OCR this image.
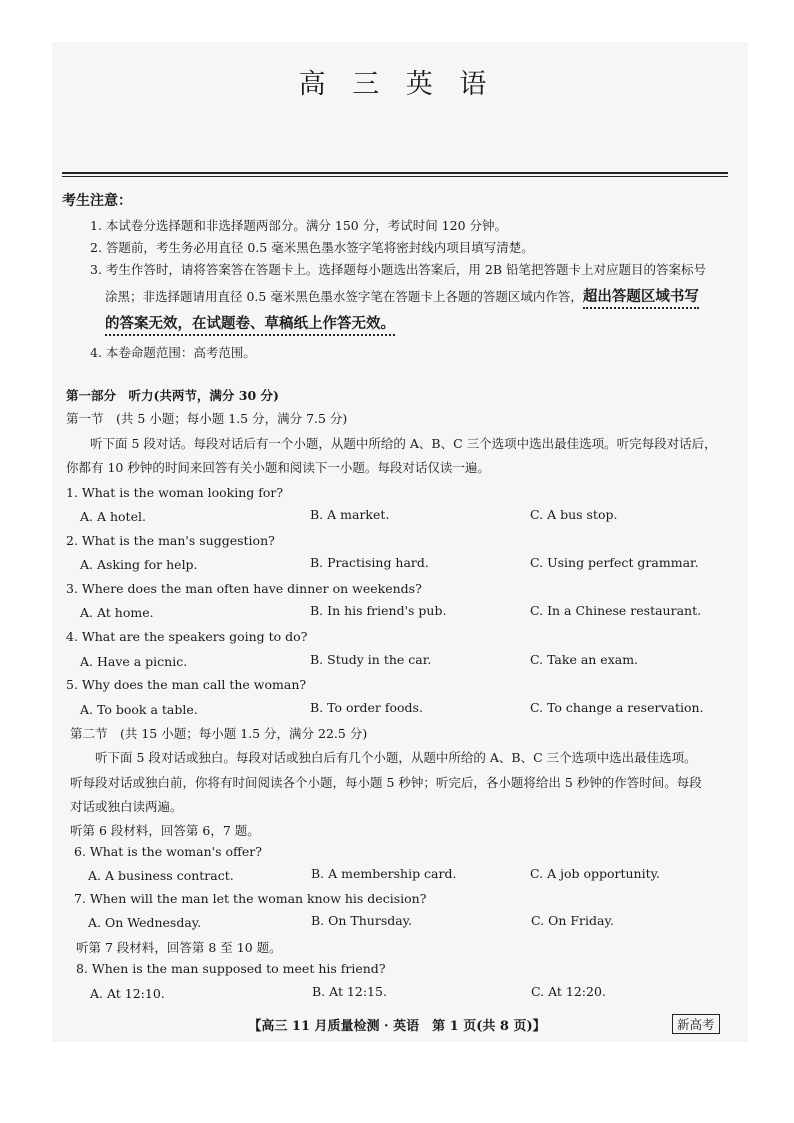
高 三 英 语
考生注意：
1. 本试卷分选择题和非选择题两部分。满分 150 分，考试时间 120 分钟。
2. 答题前，考生务必用直径 0.5 毫米黑色墨水签字笔将密封线内项目填写清楚。
3. 考生作答时，请将答案答在答题卡上。选择题每小题选出答案后，用 2B 铅笔把答题卡上对应题目的答案标号
涂黑；非选择题请用直径 0.5 毫米黑色墨水签字笔在答题卡上各题的答题区域内作答，超出答题区域书写
的答案无效，在试题卷、草稿纸上作答无效。
4. 本卷命题范围：高考范围。
第一部分　听力(共两节，满分 30 分)
第一节　(共 5 小题；每小题 1.5 分，满分 7.5 分)
听下面 5 段对话。每段对话后有一个小题，从题中所给的 A、B、C 三个选项中选出最佳选项。听完每段对话后，
你都有 10 秒钟的时间来回答有关小题和阅读下一小题。每段对话仅读一遍。
1. What is the woman looking for?
A. A hotel.	B. A market.	C. A bus stop.
2. What is the man's suggestion?
A. Asking for help.	B. Practising hard.	C. Using perfect grammar.
3. Where does the man often have dinner on weekends?
A. At home.	B. In his friend's pub.	C. In a Chinese restaurant.
4. What are the speakers going to do?
A. Have a picnic.	B. Study in the car.	C. Take an exam.
5. Why does the man call the woman?
A. To book a table.	B. To order foods.	C. To change a reservation.
第二节　(共 15 小题；每小题 1.5 分，满分 22.5 分)
听下面 5 段对话或独白。每段对话或独白后有几个小题，从题中所给的 A、B、C 三个选项中选出最佳选项。
听每段对话或独白前，你将有时间阅读各个小题，每小题 5 秒钟；听完后，各小题将给出 5 秒钟的作答时间。每段
对话或独白读两遍。
听第 6 段材料，回答第 6，7 题。
6. What is the woman's offer?
A. A business contract.	B. A membership card.	C. A job opportunity.
7. When will the man let the woman know his decision?
A. On Wednesday.	B. On Thursday.	C. On Friday.
听第 7 段材料，回答第 8 至 10 题。
8. When is the man supposed to meet his friend?
A. At 12:10.	B. At 12:15.	C. At 12:20.
【高三 11 月质量检测 · 英语　第 1 页(共 8 页)】	新高考
